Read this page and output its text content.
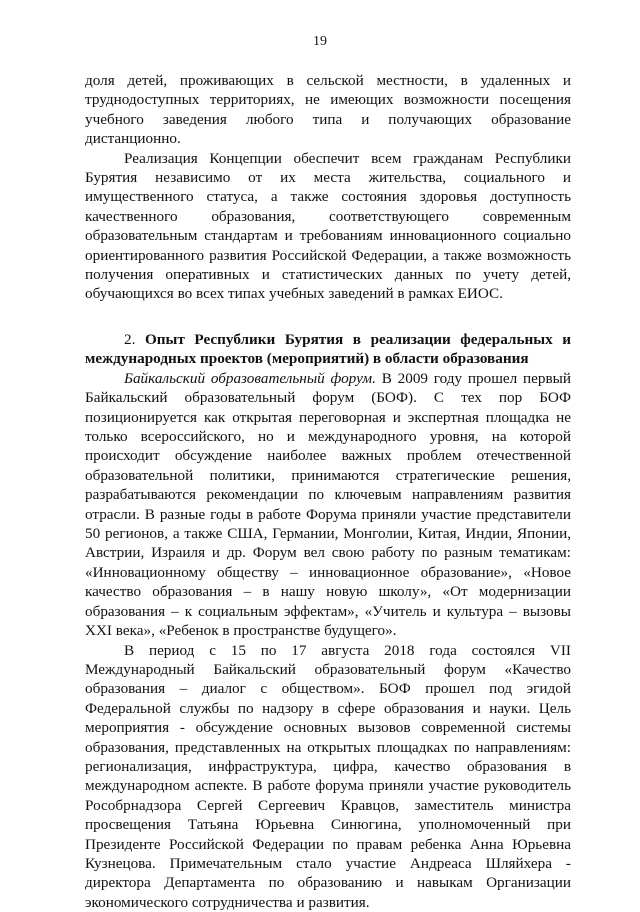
19

доля детей, проживающих в сельской местности, в удаленных и труднодоступных территориях, не имеющих возможности посещения учебного заведения любого типа и получающих образование дистанционно.

Реализация Концепции обеспечит всем гражданам Республики Бурятия независимо от их места жительства, социального и имущественного статуса, а также состояния здоровья доступность качественного образования, соответствующего современным образовательным стандартам и требованиям инновационного социально ориентированного развития Российской Федерации, а также возможность получения оперативных и статистических данных по учету детей, обучающихся во всех типах учебных заведений в рамках ЕИОС.

2. Опыт Республики Бурятия в реализации федеральных и международных проектов (мероприятий) в области образования

Байкальский образовательный форум. В 2009 году прошел первый Байкальский образовательный форум (БОФ). С тех пор БОФ позиционируется как открытая переговорная и экспертная площадка не только всероссийского, но и международного уровня, на которой происходит обсуждение наиболее важных проблем отечественной образовательной политики, принимаются стратегические решения, разрабатываются рекомендации по ключевым направлениям развития отрасли. В разные годы в работе Форума приняли участие представители 50 регионов, а также США, Германии, Монголии, Китая, Индии, Японии, Австрии, Израиля и др. Форум вел свою работу по разным тематикам: «Инновационному обществу – инновационное образование», «Новое качество образования – в нашу новую школу», «От модернизации образования – к социальным эффектам», «Учитель и культура – вызовы XXI века», «Ребенок в пространстве будущего».

В период с 15 по 17 августа 2018 года состоялся VII Международный Байкальский образовательный форум «Качество образования – диалог с обществом». БОФ прошел под эгидой Федеральной службы по надзору в сфере образования и науки. Цель мероприятия - обсуждение основных вызовов современной системы образования, представленных на открытых площадках по направлениям: регионализация, инфраструктура, цифра, качество образования в международном аспекте. В работе форума приняли участие руководитель Рособрнадзора Сергей Сергеевич Кравцов, заместитель министра просвещения Татьяна Юрьевна Синюгина, уполномоченный при Президенте Российской Федерации по правам ребенка Анна Юрьевна Кузнецова. Примечательным стало участие Андреаса Шляйхера - директора Департамента по образованию и навыкам Организации экономического сотрудничества и развития.
